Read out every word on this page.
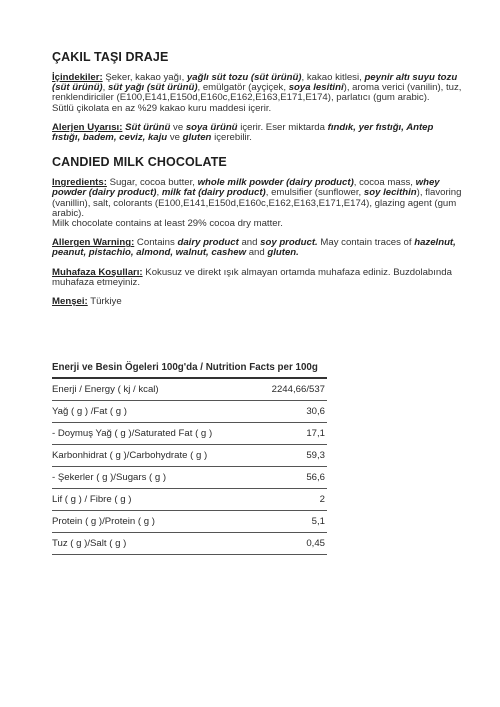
ÇAKIL TAŞI DRAJE

İçindekiler: Şeker, kakao yağı, yağlı süt tozu (süt ürünü), kakao kitlesi, peynir altı suyu tozu (süt ürünü), süt yağı (süt ürünü), emülgatör (ayçiçek, soya lesitini), aroma verici (vanilin), tuz, renklendiriciler (E100,E141,E150d,E160c,E162,E163,E171,E174), parlatıcı (gum arabic).
Sütlü çikolata en az %29 kakao kuru maddesi içerir.

Alerjen Uyarısı: Süt ürünü ve soya ürünü içerir. Eser miktarda fındık, yer fıstığı, Antep fıstığı, badem, ceviz, kaju ve gluten içerebilir.

CANDIED MILK CHOCOLATE

Ingredients: Sugar, cocoa butter, whole milk powder (dairy product), cocoa mass, whey powder (dairy product), milk fat (dairy product), emulsifier (sunflower, soy lecithin), flavoring (vanillin), salt, colorants (E100,E141,E150d,E160c,E162,E163,E171,E174), glazing agent (gum arabic).
Milk chocolate contains at least 29% cocoa dry matter.

Allergen Warning: Contains dairy product and soy product. May contain traces of hazelnut, peanut, pistachio, almond, walnut, cashew and gluten.

Muhafaza Koşulları: Kokusuz ve direkt ışık almayan ortamda muhafaza ediniz. Buzdolabında muhafaza etmeyiniz.

Menşei: Türkiye

Enerji ve Besin Ögeleri 100g'da / Nutrition Facts per 100g	
Enerji / Energy ( kj / kcal)	2244,66/537
Yağ ( g ) /Fat ( g )	30,6
- Doymuş Yağ ( g )/Saturated Fat ( g )	17,1
Karbonhidrat ( g )/Carbohydrate ( g )	59,3
- Şekerler ( g )/Sugars ( g )	56,6
Lif ( g ) / Fibre ( g )	2
Protein ( g )/Protein ( g )	5,1
Tuz ( g )/Salt ( g )	0,45
